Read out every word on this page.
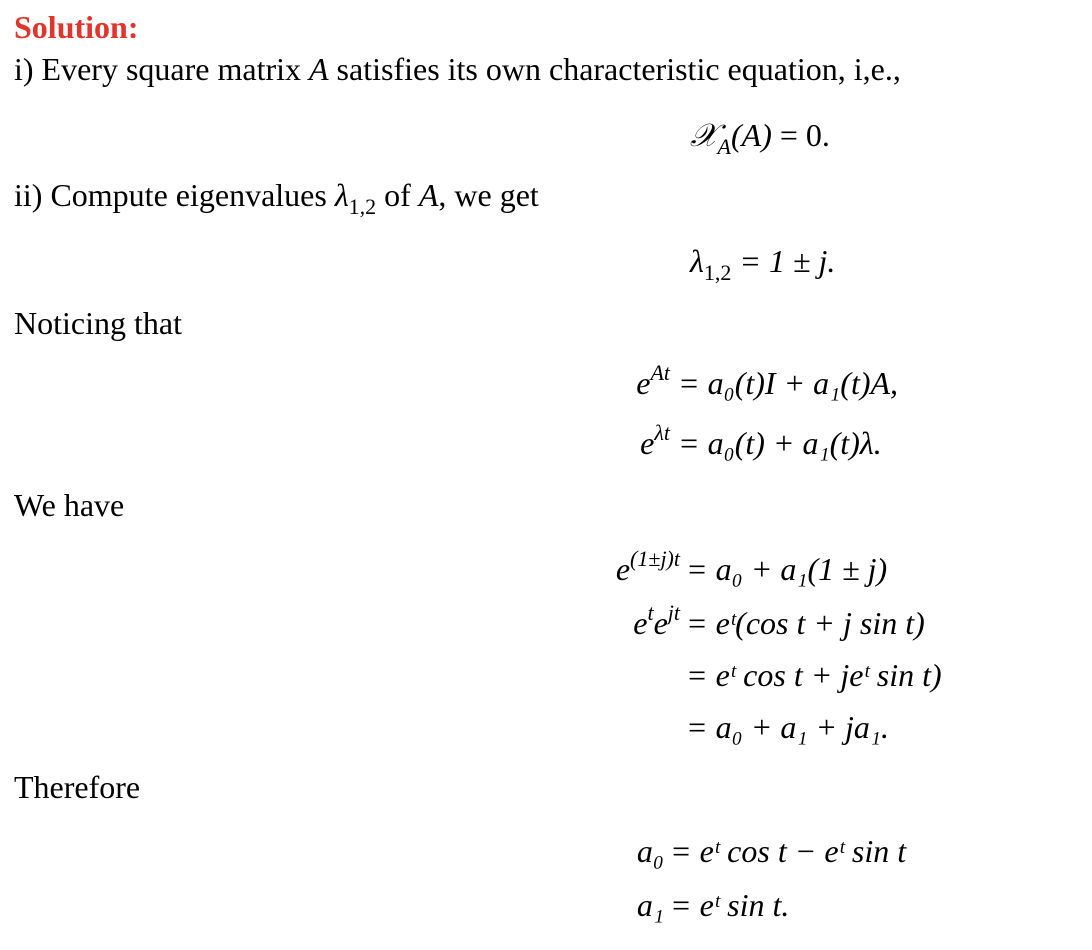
Solution:
i) Every square matrix A satisfies its own characteristic equation, i,e.,
𝒳$_A$(A) = 0.
ii) Compute eigenvalues $\lambda_{1,2}$ of A, we get
$\lambda_{1,2} = 1 \pm j$.
Noticing that
$e^{At} = a_0(t)I + a_1(t)A$,
$e^{\lambda t} = a_0(t) + a_1(t)\lambda$.
We have
$e^{(1\pm j)t} = a_0 + a_1(1 \pm j)$
$e^te^{jt}$ = eᵗ(cos t + j sin t)
= eᵗ cos t + jeᵗ sin t)
= a₀ + a₁ + ja₁.
Therefore
a₀ = eᵗ cos t − eᵗ sin t
a₁ = eᵗ sin t.
